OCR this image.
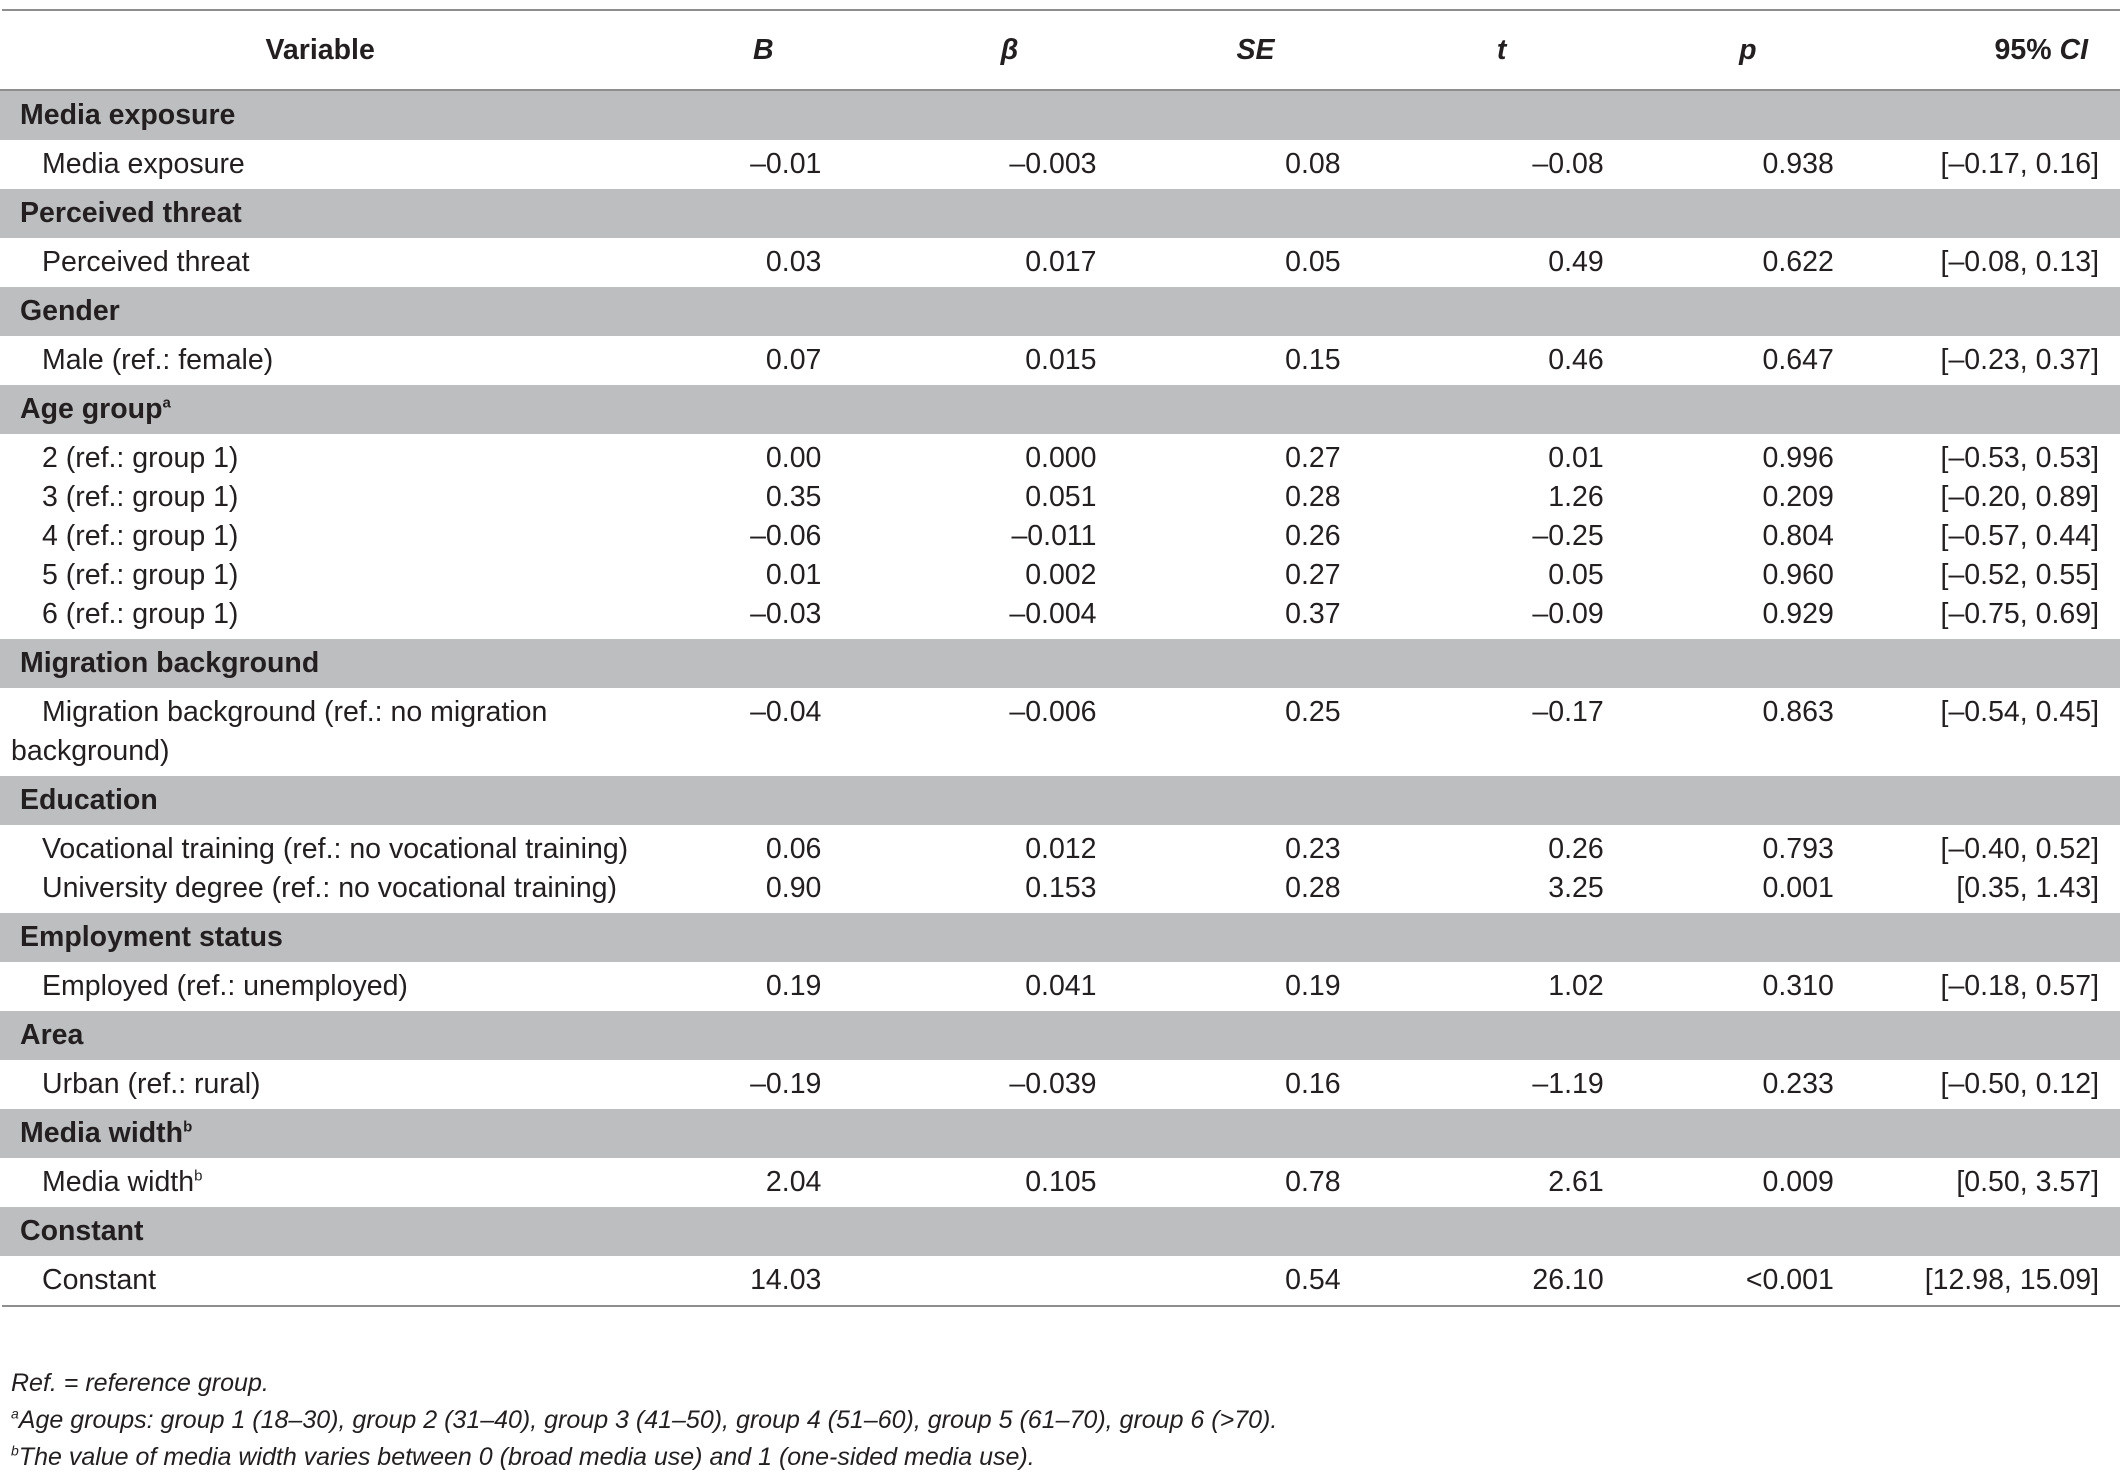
Variable	B	β	SE	t	p	95% CI
Media exposure						
Media exposure	–0.01	–0.003	0.08	–0.08	0.938	[–0.17, 0.16]
Perceived threat						
Perceived threat	0.03	0.017	0.05	0.49	0.622	[–0.08, 0.13]
Gender						
Male (ref.: female)	0.07	0.015	0.15	0.46	0.647	[–0.23, 0.37]
Age group$^a$
2 (ref.: group 1)	0.00	0.000	0.27	0.01	0.996	[–0.53, 0.53]
3 (ref.: group 1)	0.35	0.051	0.28	1.26	0.209	[–0.20, 0.89]
4 (ref.: group 1)	–0.06	–0.011	0.26	–0.25	0.804	[–0.57, 0.44]
5 (ref.: group 1)	0.01	0.002	0.27	0.05	0.960	[–0.52, 0.55]
6 (ref.: group 1)	–0.03	–0.004	0.37	–0.09	0.929	[–0.75, 0.69]
Migration background						
Migration background (ref.: no migration background)	–0.04	–0.006	0.25	–0.17	0.863	[–0.54, 0.45]
Education						
Vocational training (ref.: no vocational training)	0.06	0.012	0.23	0.26	0.793	[–0.40, 0.52]
University degree (ref.: no vocational training)	0.90	0.153	0.28	3.25	0.001	[0.35, 1.43]
Employment status						
Employed (ref.: unemployed)	0.19	0.041	0.19	1.02	0.310	[–0.18, 0.57]
Area						
Urban (ref.: rural)	–0.19	–0.039	0.16	–1.19	0.233	[–0.50, 0.12]
Media width$^b$
Media width$^b$	2.04	0.105	0.78	2.61	0.009	[0.50, 3.57]
Constant						
Constant	14.03		0.54	26.10	<0.001	[12.98, 15.09]
Ref. = reference group.
$^a$Age groups: group 1 (18–30), group 2 (31–40), group 3 (41–50), group 4 (51–60), group 5 (61–70), group 6 (>70).
$^b$The value of media width varies between 0 (broad media use) and 1 (one-sided media use).
